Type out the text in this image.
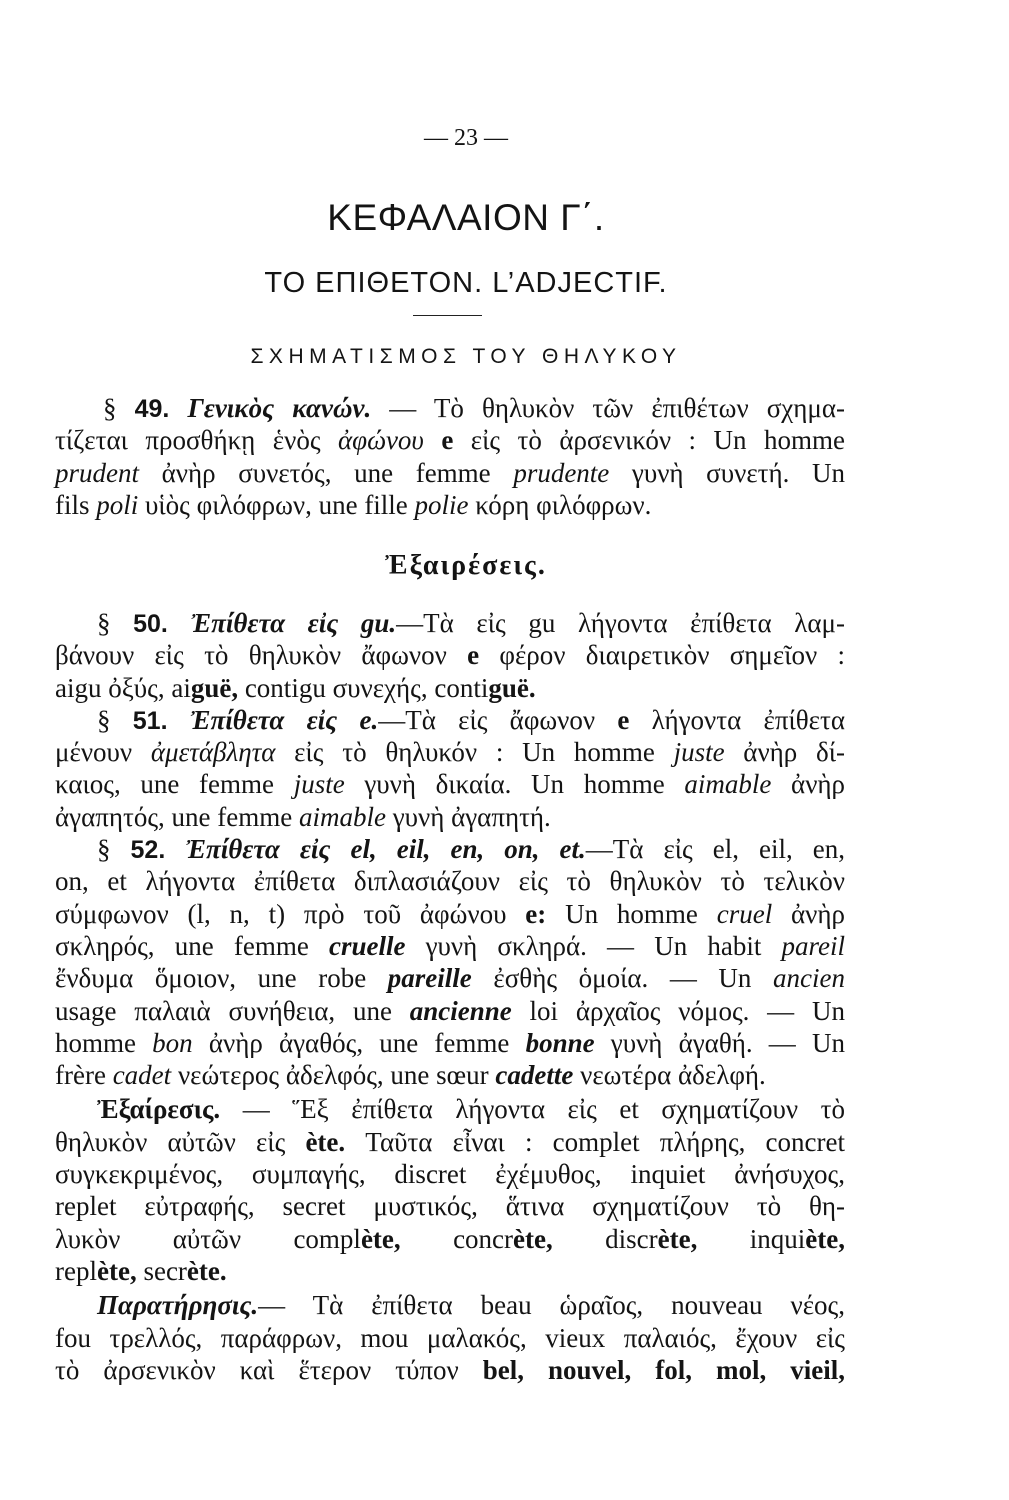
— 23 —
ΚΕΦΑΛΑΙΟΝ Γ΄.
ΤΟ ΕΠΙΘΕΤΟΝ. L’ADJECTIF.
ΣΧΗΜΑΤΙΣΜΟΣ ΤΟΥ ΘΗΛΥΚΟΥ
§ 49. Γενικὸς κανών. — Τὸ θηλυκὸν τῶν ἐπιθέτων σχημα-
τίζεται προσθήκῃ ἑνὸς ἀφώνου e εἰς τὸ ἀρσενικόν : Un homme
prudent ἀνὴρ συνετός, une femme prudente γυνὴ συνετή. Un
fils poli υἱὸς φιλόφρων, une fille polie κόρη φιλόφρων.
Ἐξαιρέσεις.
§ 50. Ἐπίθετα εἰς gu.—Τὰ εἰς gu λήγοντα ἐπίθετα λαμ-
βάνουν εἰς τὸ θηλυκὸν ἄφωνον e φέρον διαιρετικὸν σημεῖον :
aigu ὀξύς, aiguë, contigu συνεχής, contiguë.
§ 51. Ἐπίθετα εἰς e.—Τὰ εἰς ἄφωνον e λήγοντα ἐπίθετα
μένουν ἀμετάβλητα εἰς τὸ θηλυκόν : Un homme juste ἀνὴρ δί-
καιος, une femme juste γυνὴ δικαία. Un homme aimable ἀνὴρ
ἀγαπητός, une femme aimable γυνὴ ἀγαπητή.
§ 52. Ἐπίθετα εἰς el, eil, en, on, et.—Τὰ εἰς el, eil, en,
on, et λήγοντα ἐπίθετα διπλασιάζουν εἰς τὸ θηλυκὸν τὸ τελικὸν
σύμφωνον (l, n, t) πρὸ τοῦ ἀφώνου e: Un homme cruel ἀνὴρ
σκληρός, une femme cruelle γυνὴ σκληρά. — Un habit pareil
ἔνδυμα ὅμοιον, une robe pareille ἐσθὴς ὁμοία. — Un ancien
usage παλαιὰ συνήθεια, une ancienne loi ἀρχαῖος νόμος. — Un
homme bon ἀνὴρ ἀγαθός, une femme bonne γυνὴ ἀγαθή. — Un
frère cadet νεώτερος ἀδελφός, une sœur cadette νεωτέρα ἀδελφή.
Ἐξαίρεσις. — Ἕξ ἐπίθετα λήγοντα εἰς et σχηματίζουν τὸ
θηλυκὸν αὐτῶν εἰς ète. Ταῦτα εἶναι : complet πλήρης, concret
συγκεκριμένος, συμπαγής, discret ἐχέμυθος, inquiet ἀνήσυχος,
replet εὐτραφής, secret μυστικός, ἅτινα σχηματίζουν τὸ θη-
λυκὸν αὐτῶν complète, concrète, discrète, inquiète,
replète, secrète.
Παρατήρησις.— Τὰ ἐπίθετα beau ὡραῖος, nouveau νέος,
fou τρελλός, παράφρων, mou μαλακός, vieux παλαιός, ἔχουν εἰς
τὸ ἀρσενικὸν καὶ ἕτερον τύπον bel, nouvel, fol, mol, vieil,
